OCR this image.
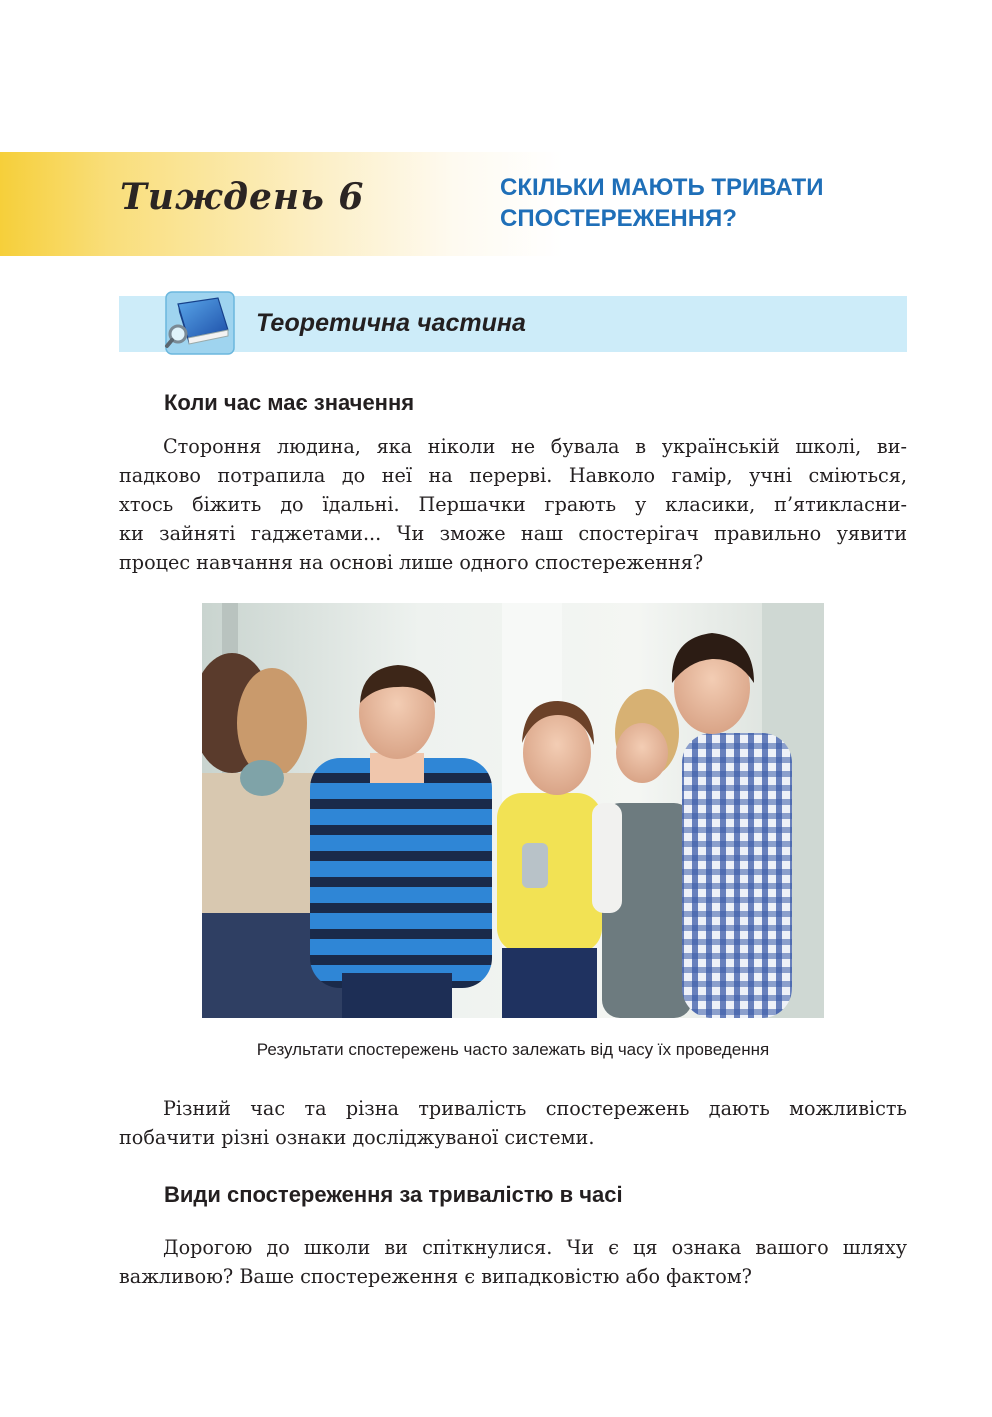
Тиждень 6	СКІЛЬКИ МАЮТЬ ТРИВАТИ
СПОСТЕРЕЖЕННЯ?
Теоретична частина
Коли час має значення

Стороння людина, яка ніколи не бувала в українській школі, ви-
падково потрапила до неї на перерві. Навколо гамір, учні сміються,
хтось біжить до їдальні. Першачки грають у класики, п’ятикласни-
ки зайняті гаджетами... Чи зможе наш спостерігач правильно уявити
процес навчання на основі лише одного спостереження?

Результати спостережень часто залежать від часу їх проведення

Різний час та різна тривалість спостережень дають можливість
побачити різні ознаки досліджуваної системи.

Види спостереження за тривалістю в часі

Дорогою до школи ви спіткнулися. Чи є ця ознака вашого шляху
важливою? Ваше спостереження є випадковістю або фактом?
